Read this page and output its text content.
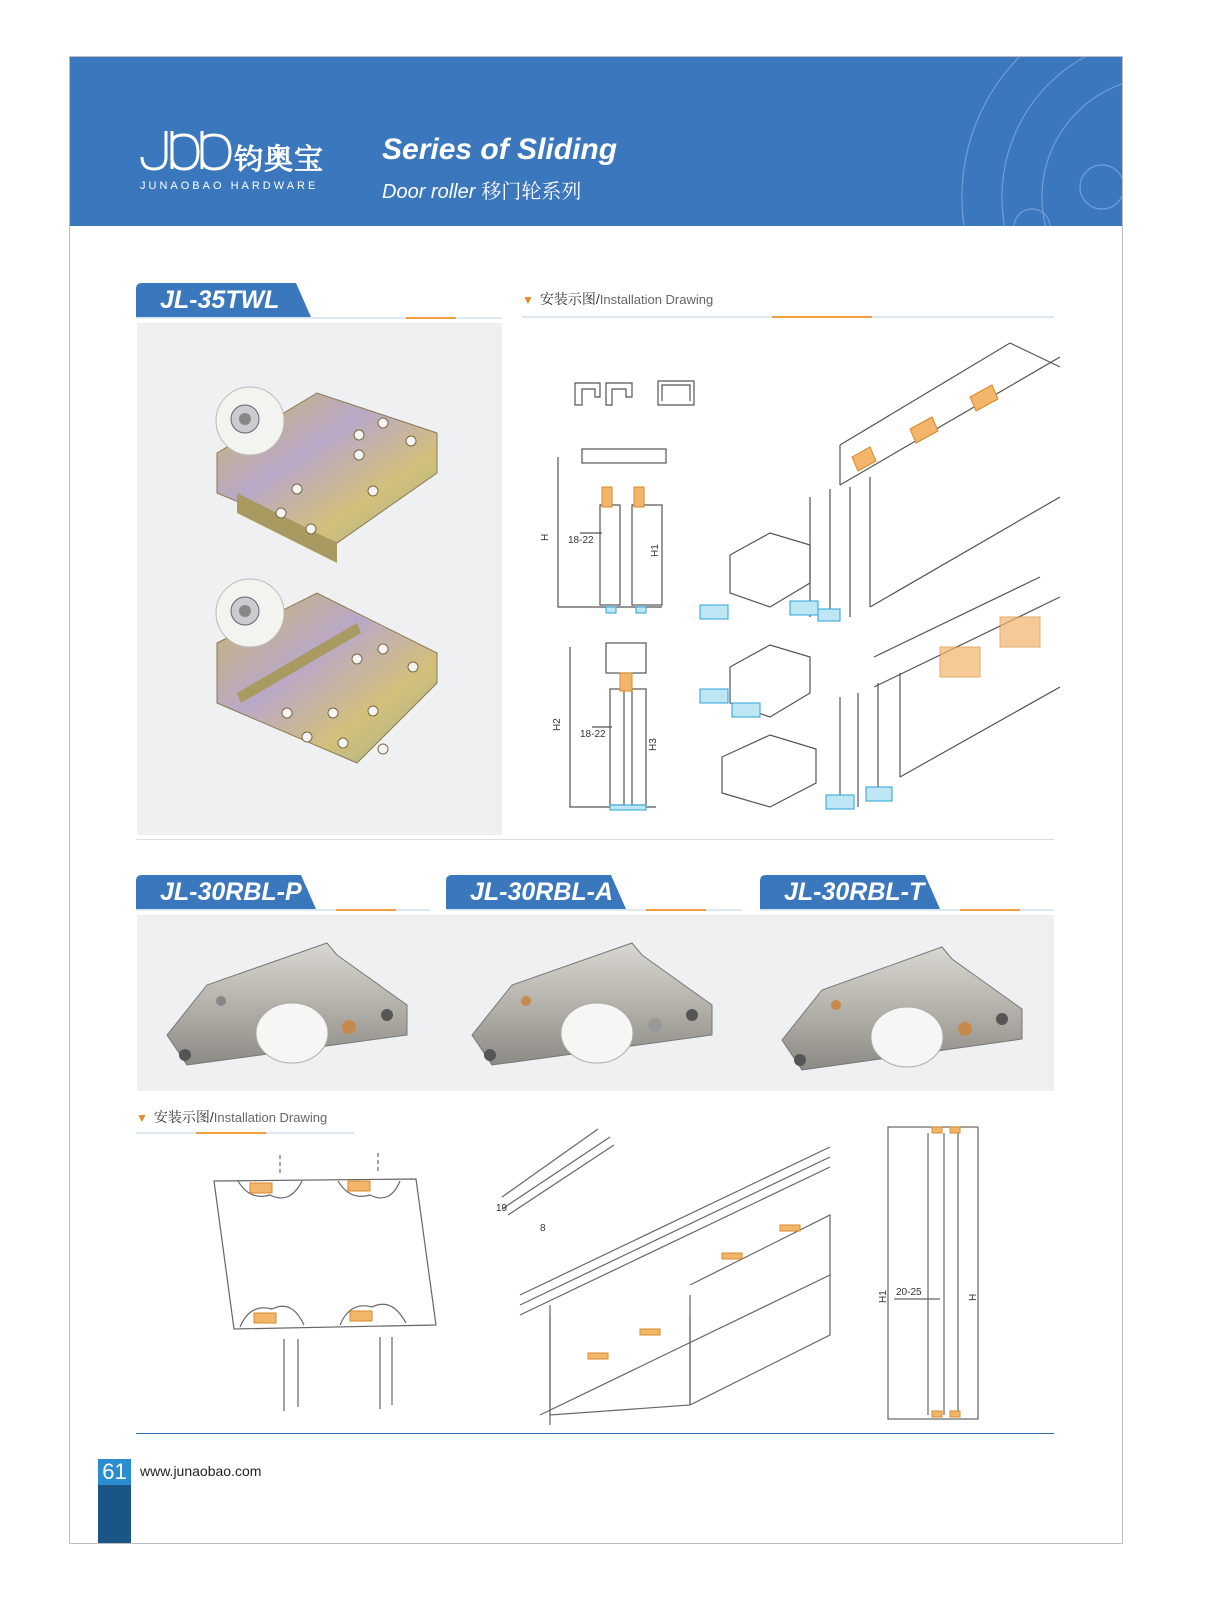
钧奥宝
JUNAOBAO HARDWARE
Series of Sliding
Door roller 移门轮系列
JL-35TWL	▼ 安装示图/Installation Drawing
H 18-22
H1
H2
18-22
H3
JL-30RBL-P	JL-30RBL-A	JL-30RBL-T
▼ 安装示图/Installation Drawing
19
8
H1 20-25	H
61 www.junaobao.com
